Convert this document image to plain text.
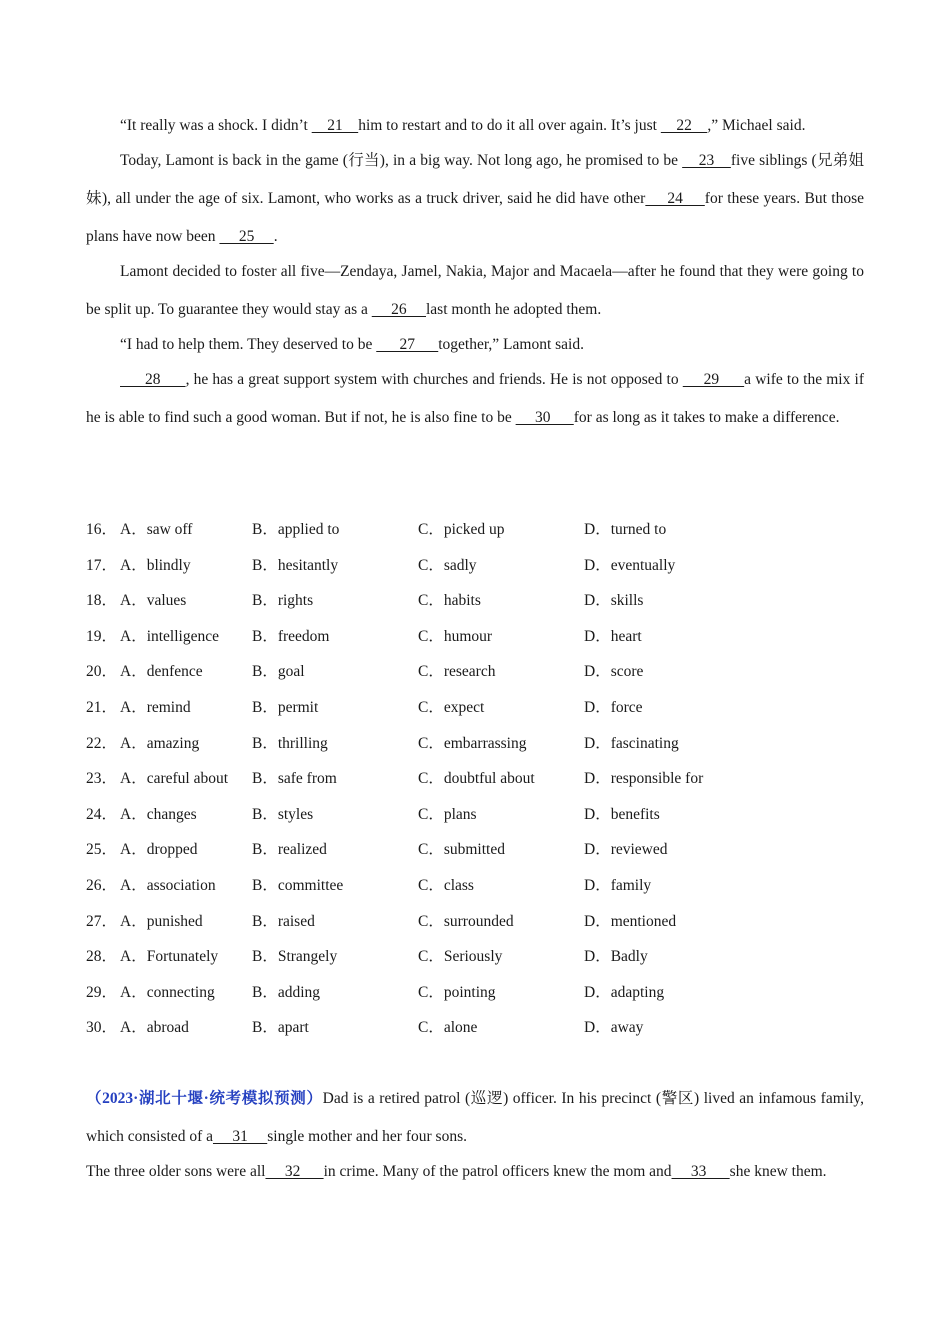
“It really was a shock. I didn’t     21    him to restart and to do it all over again. It’s just     22    ,” Michael said.

Today, Lamont is back in the game (行当), in a big way. Not long ago, he promised to be     23    five siblings (兄弟姐妹), all under the age of six. Lamont, who works as a truck driver, said he did have other     24     for these years. But those plans have now been      25     .

Lamont decided to foster all five—Zendaya, Jamel, Nakia, Major and Macaela—after he found that they were going to be split up. To guarantee they would stay as a      26     last month he adopted them.

“I had to help them. They deserved to be       27      together,” Lamont said.

28      , he has a great support system with churches and friends. He is not opposed to      29      a wife to the mix if he is able to find such a good woman. But if not, he is also fine to be      30      for as long as it takes to make a difference.

16． A．saw off	B．applied to	C．picked up	D．turned to
17． A．blindly	B．hesitantly	C．sadly	D．eventually
18． A．values	B．rights	C．habits	D．skills
19． A．intelligence B．freedom	C．humour	D．heart
20． A．denfence	B．goal	C．research	D．score
21． A．remind	B．permit	C．expect	D．force
22． A．amazing	B．thrilling	C．embarrassing	D．fascinating
23． A．careful about B．safe from	C．doubtful about	D．responsible for
24． A．changes	B．styles	C．plans	D．benefits
25． A．dropped	B．realized	C．submitted	D．reviewed
26． A．association B．committee	C．class	D．family
27． A．punished	B．raised	C．surrounded	D．mentioned
28． A．Fortunately B．Strangely	C．Seriously	D．Badly
29． A．connecting B．adding	C．pointing	D．adapting
30． A．abroad	B．apart	C．alone	D．away

（2023·湖北十堰·统考模拟预测）Dad is a retired patrol (巡逻) officer. In his precinct (警区) lived an infamous family, which consisted of a     31     single mother and her four sons.

The three older sons were all     32      in crime. Many of the patrol officers knew the mom and     33      she knew them.
